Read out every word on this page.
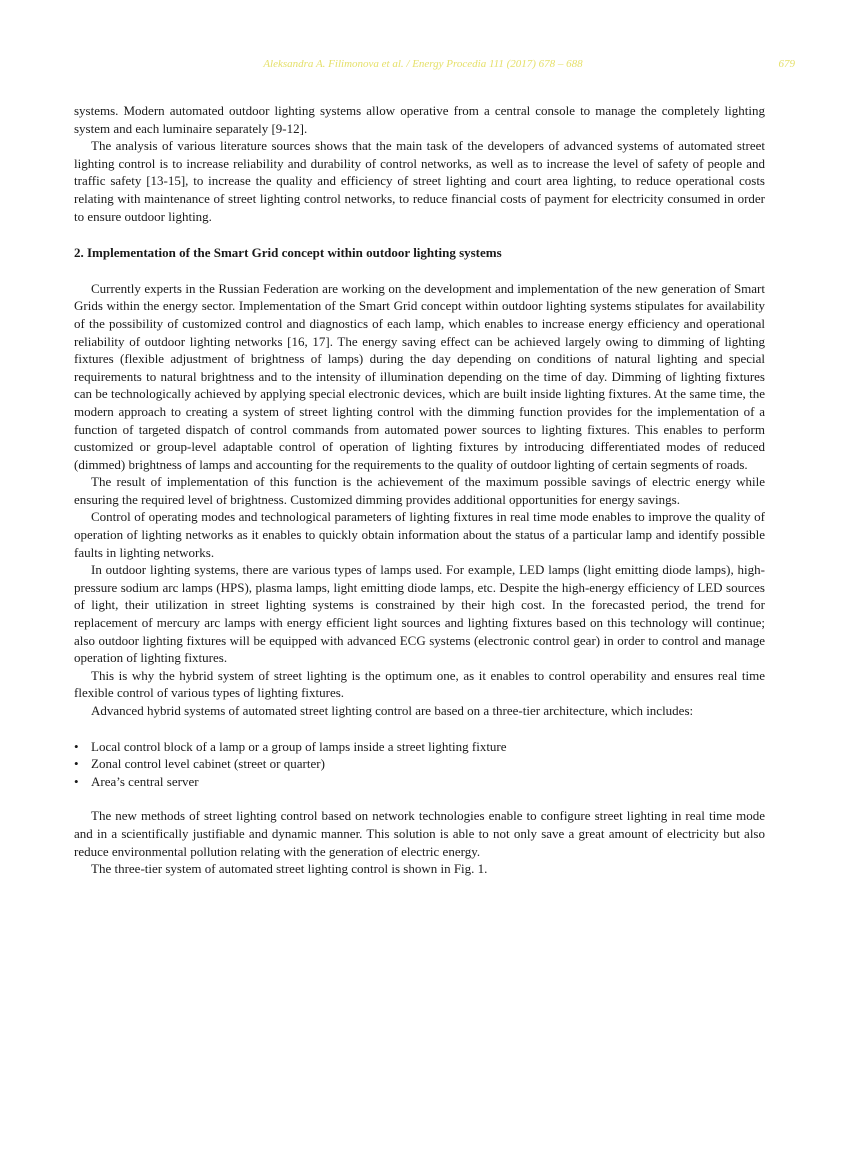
Aleksandra A. Filimonova et al. / Energy Procedia 111 (2017) 678 – 688	679

systems. Modern automated outdoor lighting systems allow operative from a central console to manage the completely lighting system and each luminaire separately [9-12].

The analysis of various literature sources shows that the main task of the developers of advanced systems of automated street lighting control is to increase reliability and durability of control networks, as well as to increase the level of safety of people and traffic safety [13-15], to increase the quality and efficiency of street lighting and court area lighting, to reduce operational costs relating with maintenance of street lighting control networks, to reduce financial costs of payment for electricity consumed in order to ensure outdoor lighting.

2. Implementation of the Smart Grid concept within outdoor lighting systems

Currently experts in the Russian Federation are working on the development and implementation of the new generation of Smart Grids within the energy sector. Implementation of the Smart Grid concept within outdoor lighting systems stipulates for availability of the possibility of customized control and diagnostics of each lamp, which enables to increase energy efficiency and operational reliability of outdoor lighting networks [16, 17]. The energy saving effect can be achieved largely owing to dimming of lighting fixtures (flexible adjustment of brightness of lamps) during the day depending on conditions of natural lighting and special requirements to natural brightness and to the intensity of illumination depending on the time of day. Dimming of lighting fixtures can be technologically achieved by applying special electronic devices, which are built inside lighting fixtures. At the same time, the modern approach to creating a system of street lighting control with the dimming function provides for the implementation of a function of targeted dispatch of control commands from automated power sources to lighting fixtures. This enables to perform customized or group-level adaptable control of operation of lighting fixtures by introducing differentiated modes of reduced (dimmed) brightness of lamps and accounting for the requirements to the quality of outdoor lighting of certain segments of roads.

The result of implementation of this function is the achievement of the maximum possible savings of electric energy while ensuring the required level of brightness. Customized dimming provides additional opportunities for energy savings.

Control of operating modes and technological parameters of lighting fixtures in real time mode enables to improve the quality of operation of lighting networks as it enables to quickly obtain information about the status of a particular lamp and identify possible faults in lighting networks.

In outdoor lighting systems, there are various types of lamps used. For example, LED lamps (light emitting diode lamps), high-pressure sodium arc lamps (HPS), plasma lamps, light emitting diode lamps, etc. Despite the high-energy efficiency of LED sources of light, their utilization in street lighting systems is constrained by their high cost. In the forecasted period, the trend for replacement of mercury arc lamps with energy efficient light sources and lighting fixtures based on this technology will continue; also outdoor lighting fixtures will be equipped with advanced ECG systems (electronic control gear) in order to control and manage operation of lighting fixtures.

This is why the hybrid system of street lighting is the optimum one, as it enables to control operability and ensures real time flexible control of various types of lighting fixtures.

Advanced hybrid systems of automated street lighting control are based on a three-tier architecture, which includes:

• Local control block of a lamp or a group of lamps inside a street lighting fixture
• Zonal control level cabinet (street or quarter)
• Area’s central server

The new methods of street lighting control based on network technologies enable to configure street lighting in real time mode and in a scientifically justifiable and dynamic manner. This solution is able to not only save a great amount of electricity but also reduce environmental pollution relating with the generation of electric energy.

The three-tier system of automated street lighting control is shown in Fig. 1.
